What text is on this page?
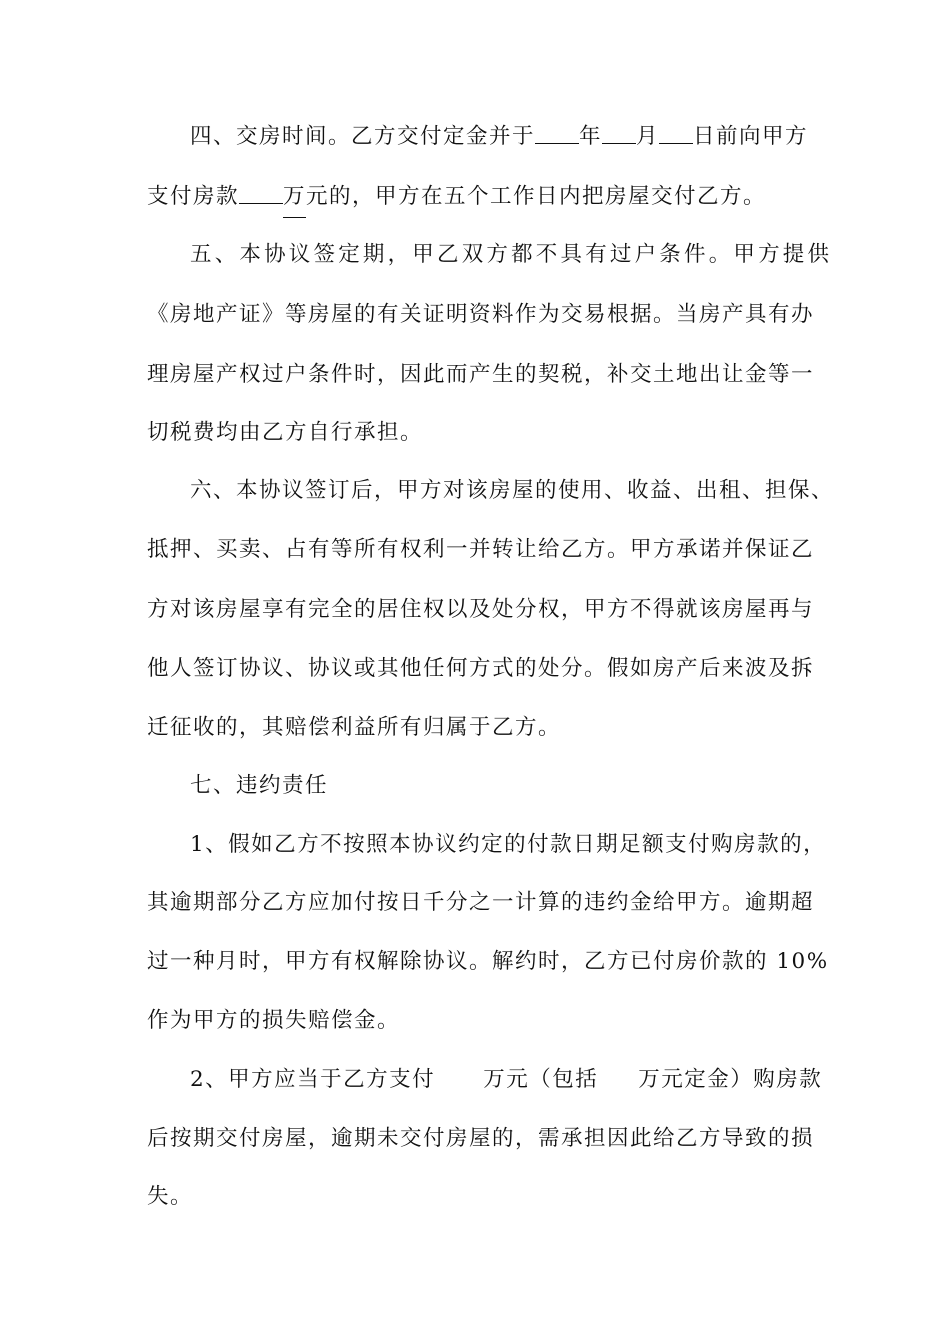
四、交房时间。乙方交付定金并于 年 月 日前向甲方
支付房款 万元的，甲方在五个工作日内把房屋交付乙方。
五、本协议签定期，甲乙双方都不具有过户条件。甲方提供
《房地产证》等房屋的有关证明资料作为交易根据。当房产具有办
理房屋产权过户条件时，因此而产生的契税，补交土地出让金等一
切税费均由乙方自行承担。
六、本协议签订后，甲方对该房屋的使用、收益、出租、担保、
抵押、买卖、占有等所有权利一并转让给乙方。甲方承诺并保证乙
方对该房屋享有完全的居住权以及处分权，甲方不得就该房屋再与
他人签订协议、协议或其他任何方式的处分。假如房产后来波及拆
迁征收的，其赔偿利益所有归属于乙方。
七、违约责任
1、假如乙方不按照本协议约定的付款日期足额支付购房款的，
其逾期部分乙方应加付按日千分之一计算的违约金给甲方。逾期超
过一种月时，甲方有权解除协议。解约时，乙方已付房价款的 10%
作为甲方的损失赔偿金。
2、甲方应当于乙方支付 万元（包括 万元定金）购房款
后按期交付房屋，逾期未交付房屋的，需承担因此给乙方导致的损
失。
